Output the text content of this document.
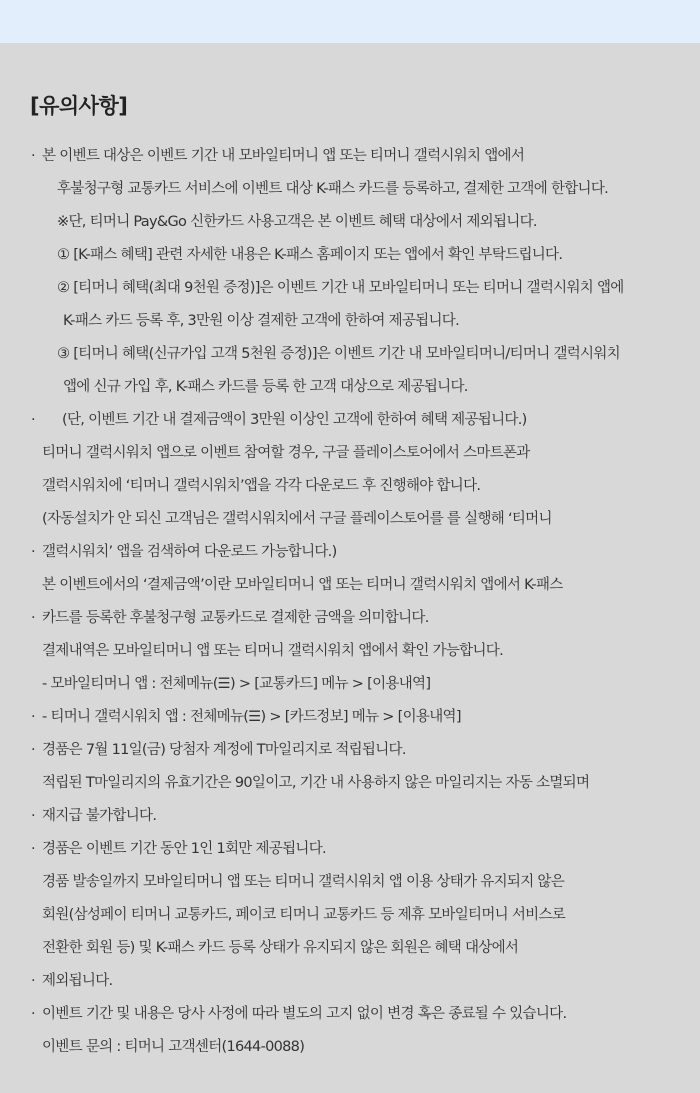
[유의사항]
· 본 이벤트 대상은 이벤트 기간 내 모바일티머니 앱 또는 티머니 갤럭시워치 앱에서
후불청구형 교통카드 서비스에 이벤트 대상 K-패스 카드를 등록하고, 결제한 고객에 한합니다.
※단, 티머니 Pay&Go 신한카드 사용고객은 본 이벤트 혜택 대상에서 제외됩니다.
① [K-패스 혜택] 관련 자세한 내용은 K-패스 홈페이지 또는 앱에서 확인 부탁드립니다.
② [티머니 혜택(최대 9천원 증정)]은 이벤트 기간 내 모바일티머니 또는 티머니 갤럭시워치 앱에
K-패스 카드 등록 후, 3만원 이상 결제한 고객에 한하여 제공됩니다.
③ [티머니 혜택(신규가입 고객 5천원 증정)]은 이벤트 기간 내 모바일티머니/티머니 갤럭시워치
앱에 신규 가입 후, K-패스 카드를 등록 한 고객 대상으로 제공됩니다.
· (단, 이벤트 기간 내 결제금액이 3만원 이상인 고객에 한하여 혜택 제공됩니다.)
티머니 갤럭시워치 앱으로 이벤트 참여할 경우, 구글 플레이스토어에서 스마트폰과
갤럭시워치에 ‘티머니 갤럭시워치’앱을 각각 다운로드 후 진행해야 합니다.
(자동설치가 안 되신 고객님은 갤럭시워치에서 구글 플레이스토어를 를 실행해 ‘티머니
· 갤럭시워치’ 앱을 검색하여 다운로드 가능합니다.)
본 이벤트에서의 ‘결제금액’이란 모바일티머니 앱 또는 티머니 갤럭시워치 앱에서 K-패스
· 카드를 등록한 후불청구형 교통카드로 결제한 금액을 의미합니다.
결제내역은 모바일티머니 앱 또는 티머니 갤럭시워치 앱에서 확인 가능합니다.
- 모바일티머니 앱 : 전체메뉴(☰) > [교통카드] 메뉴 > [이용내역]
· - 티머니 갤럭시워치 앱 : 전체메뉴(☰) > [카드정보] 메뉴 > [이용내역]
· 경품은 7월 11일(금) 당첨자 계정에 T마일리지로 적립됩니다.
적립된 T마일리지의 유효기간은 90일이고, 기간 내 사용하지 않은 마일리지는 자동 소멸되며
· 재지급 불가합니다.
· 경품은 이벤트 기간 동안 1인 1회만 제공됩니다.
경품 발송일까지 모바일티머니 앱 또는 티머니 갤럭시워치 앱 이용 상태가 유지되지 않은
회원(삼성페이 티머니 교통카드, 페이코 티머니 교통카드 등 제휴 모바일티머니 서비스로
전환한 회원 등) 및 K-패스 카드 등록 상태가 유지되지 않은 회원은 혜택 대상에서
· 제외됩니다.
· 이벤트 기간 및 내용은 당사 사정에 따라 별도의 고지 없이 변경 혹은 종료될 수 있습니다.
이벤트 문의 : 티머니 고객센터(1644-0088)
